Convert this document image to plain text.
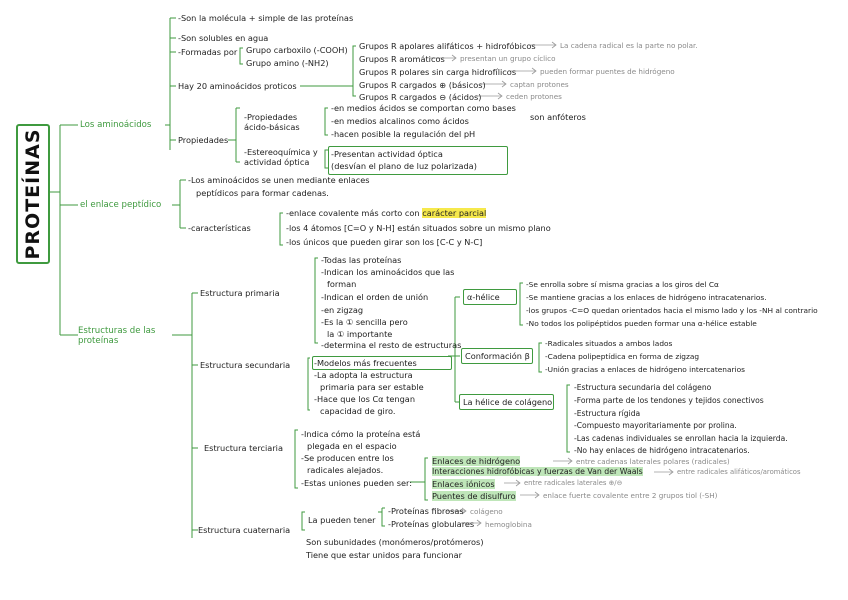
PROTEÍNAS
Los aminoácidos
el enlace peptídico
Estructuras de las proteínas
-Son la molécula + simple de las proteínas
-Son solubles en agua
-Formadas por Grupo carboxilo (-COOH)
Grupo amino (-NH2)
Hay 20 aminoácidos proticos
Grupos R apolares alifáticos + hidrofóbicos	La cadena radical es la parte no polar.
Grupos R aromáticos presentan un grupo cíclico
Grupos R polares sin carga hidrofílicos	pueden formar puentes de hidrógeno
Grupos R cargados ⊕ (básicos)	captan protones
Grupos R cargados ⊖ (ácidos)	ceden protones
Propiedades
-Propiedades ácido-básicas
-en medios ácidos se comportan como bases
-en medios alcalinos como ácidos
-hacen posible la regulación del pH
son anfóteros
-Estereoquímica y actividad óptica
-Presentan actividad óptica
(desvían el plano de luz polarizada)
-Los aminoácidos se unen mediante enlaces
peptídicos para formar cadenas.
-características
-enlace covalente más corto con carácter parcial
-los 4 átomos [C=O y N-H] están situados sobre un mismo plano
-los únicos que pueden girar son los [C-C y N-C]
Estructura primaria
-Todas las proteínas
-Indican los aminoácidos que las
forman
-Indican el orden de unión
-en zigzag
-Es la ① sencilla pero
la ① importante
-determina el resto de estructuras
Estructura secundaria	-Modelos más frecuentes
-La adopta la estructura
primaria para ser estable
-Hace que los Cα tengan
capacidad de giro.
α-hélice
-Se enrolla sobre sí misma gracias a los giros del Cα
-Se mantiene gracias a los enlaces de hidrógeno intracatenarios.
-los grupos -C=O quedan orientados hacia el mismo lado y los -NH al contrario
-No todos los polipéptidos pueden formar una α-hélice estable
Conformación β
-Radicales situados a ambos lados
-Cadena polipeptídica en forma de zigzag
-Unión gracias a enlaces de hidrógeno intercatenarios
La hélice de colágeno
-Estructura secundaria del colágeno
-Forma parte de los tendones y tejidos conectivos
-Estructura rígida
-Compuesto mayoritariamente por prolina.
-Las cadenas individuales se enrollan hacia la izquierda.
-No hay enlaces de hidrógeno intracatenarios.
Estructura terciaria
-Indica cómo la proteína está
plegada en el espacio
-Se producen entre los
radicales alejados.
-Estas uniones pueden ser:
Enlaces de hidrógeno	entre cadenas laterales polares (radicales)
Interacciones hidrofóbicas y fuerzas de Van der Waals	entre radicales alifáticos/aromáticos
Enlaces iónicos	entre radicales laterales ⊕/⊖
Puentes de disulfuro	enlace fuerte covalente entre 2 grupos tiol (-SH)
Estructura cuaternaria
La pueden tener
-Proteínas fibrosas colágeno
-Proteínas globulares hemoglobina
Son subunidades (monómeros/protómeros)
Tiene que estar unidos para funcionar
